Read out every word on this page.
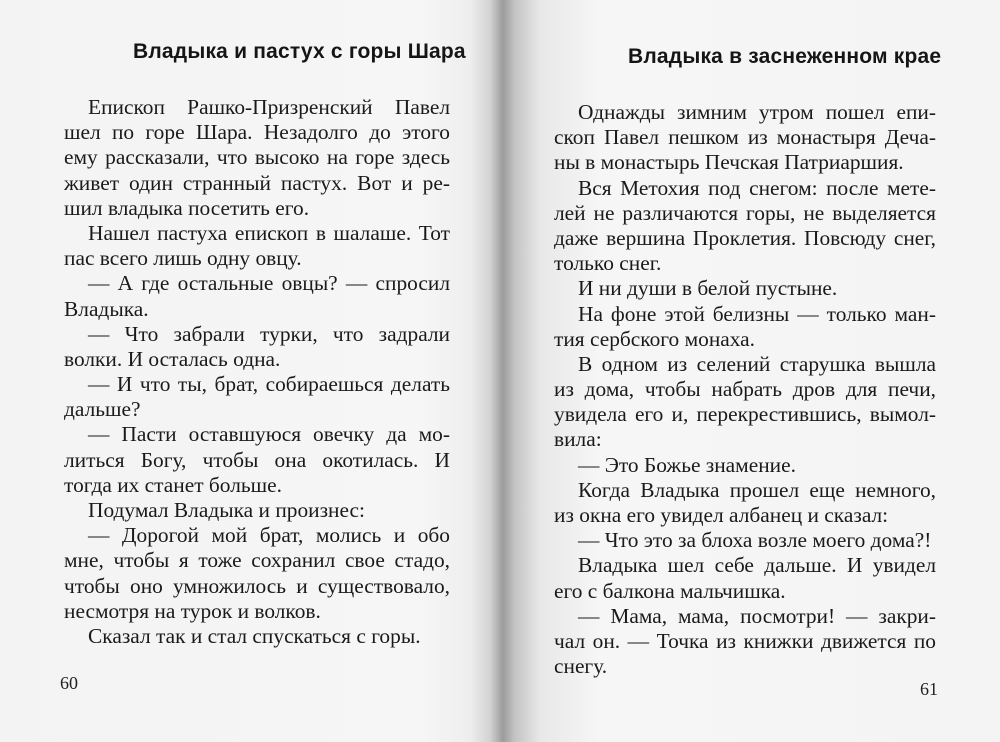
Владыка и пастух с горы Шара
Епископ Рашко-Призренский Павел
шел по горе Шара. Незадолго до этого
ему рассказали, что высоко на горе здесь
живет один странный пастух. Вот и ре-
шил владыка посетить его.
Нашел пастуха епископ в шалаше. Тот
пас всего лишь одну овцу.
— А где остальные овцы? — спросил
Владыка.
— Что забрали турки, что задрали
волки. И осталась одна.
— И что ты, брат, собираешься делать
дальше?
— Пасти оставшуюся овечку да мо-
литься Богу, чтобы она окотилась. И
тогда их станет больше.
Подумал Владыка и произнес:
— Дорогой мой брат, молись и обо
мне, чтобы я тоже сохранил свое стадо,
чтобы оно умножилось и существовало,
несмотря на турок и волков.
Сказал так и стал спускаться с горы.
60
Владыка в заснеженном крае
Однажды зимним утром пошел епи-
скоп Павел пешком из монастыря Деча-
ны в монастырь Печская Патриаршия.
Вся Метохия под снегом: после мете-
лей не различаются горы, не выделяется
даже вершина Проклетия. Повсюду снег,
только снег.
И ни души в белой пустыне.
На фоне этой белизны — только ман-
тия сербского монаха.
В одном из селений старушка вышла
из дома, чтобы набрать дров для печи,
увидела его и, перекрестившись, вымол-
вила:
— Это Божье знамение.
Когда Владыка прошел еще немного,
из окна его увидел албанец и сказал:
— Что это за блоха возле моего дома?!
Владыка шел себе дальше. И увидел
его с балкона мальчишка.
— Мама, мама, посмотри! — закри-
чал он. — Точка из книжки движется по
снегу.
61
